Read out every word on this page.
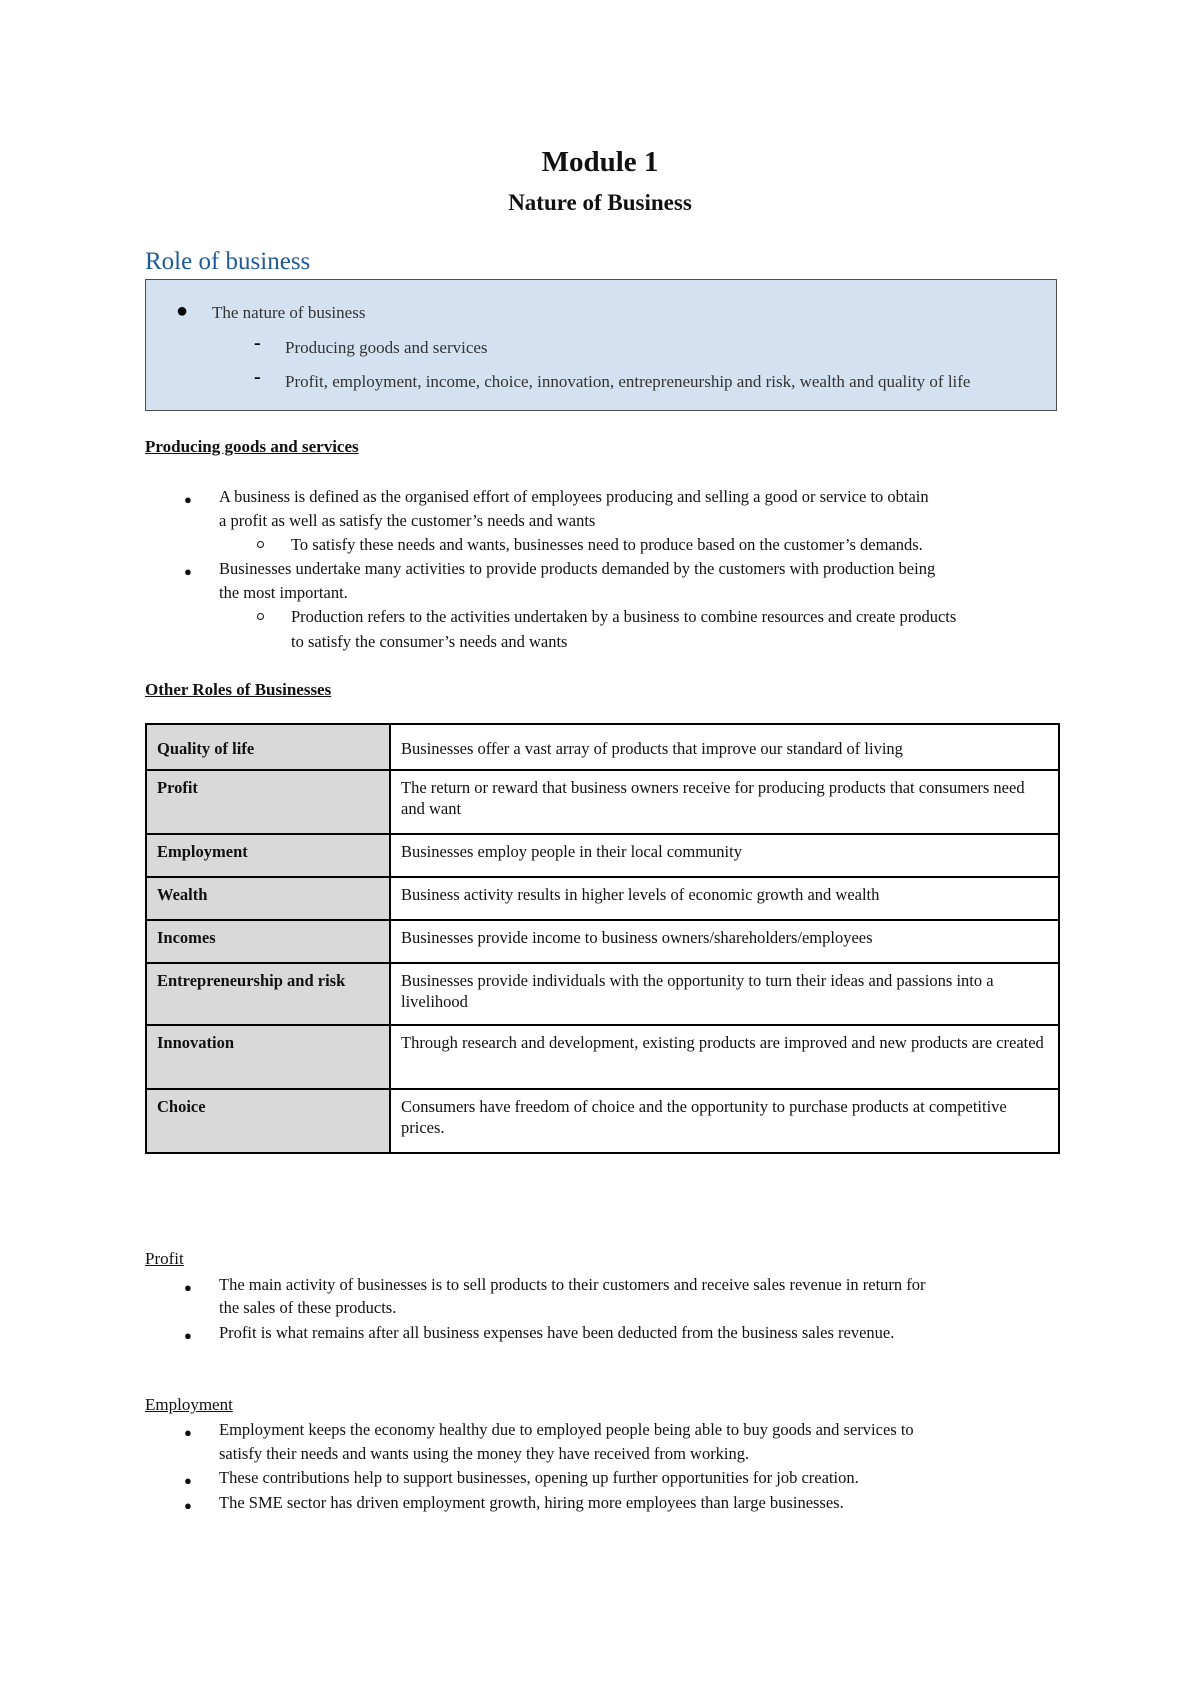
Module 1
Nature of Business
Role of business
● The nature of business
- Producing goods and services
- Profit, employment, income, choice, innovation, entrepreneurship and risk, wealth and quality of life
Producing goods and services
● A business is defined as the organised effort of employees producing and selling a good or service to obtain
a profit as well as satisfy the customer’s needs and wants
To satisfy these needs and wants, businesses need to produce based on the customer’s demands.
● Businesses undertake many activities to provide products demanded by the customers with production being
the most important.
Production refers to the activities undertaken by a business to combine resources and create products
to satisfy the consumer’s needs and wants
Other Roles of Businesses
Quality of life	Businesses offer a vast array of products that improve our standard of living
Profit	The return or reward that business owners receive for producing products that consumers need and want
Employment	Businesses employ people in their local community
Wealth	Business activity results in higher levels of economic growth and wealth
Incomes	Businesses provide income to business owners/shareholders/employees
Entrepreneurship and risk	Businesses provide individuals with the opportunity to turn their ideas and passions into a livelihood
Innovation	Through research and development, existing products are improved and new products are created
Choice	Consumers have freedom of choice and the opportunity to purchase products at competitive prices.
Profit
● The main activity of businesses is to sell products to their customers and receive sales revenue in return for
the sales of these products.
● Profit is what remains after all business expenses have been deducted from the business sales revenue.
Employment
● Employment keeps the economy healthy due to employed people being able to buy goods and services to
satisfy their needs and wants using the money they have received from working.
● These contributions help to support businesses, opening up further opportunities for job creation.
● The SME sector has driven employment growth, hiring more employees than large businesses.
